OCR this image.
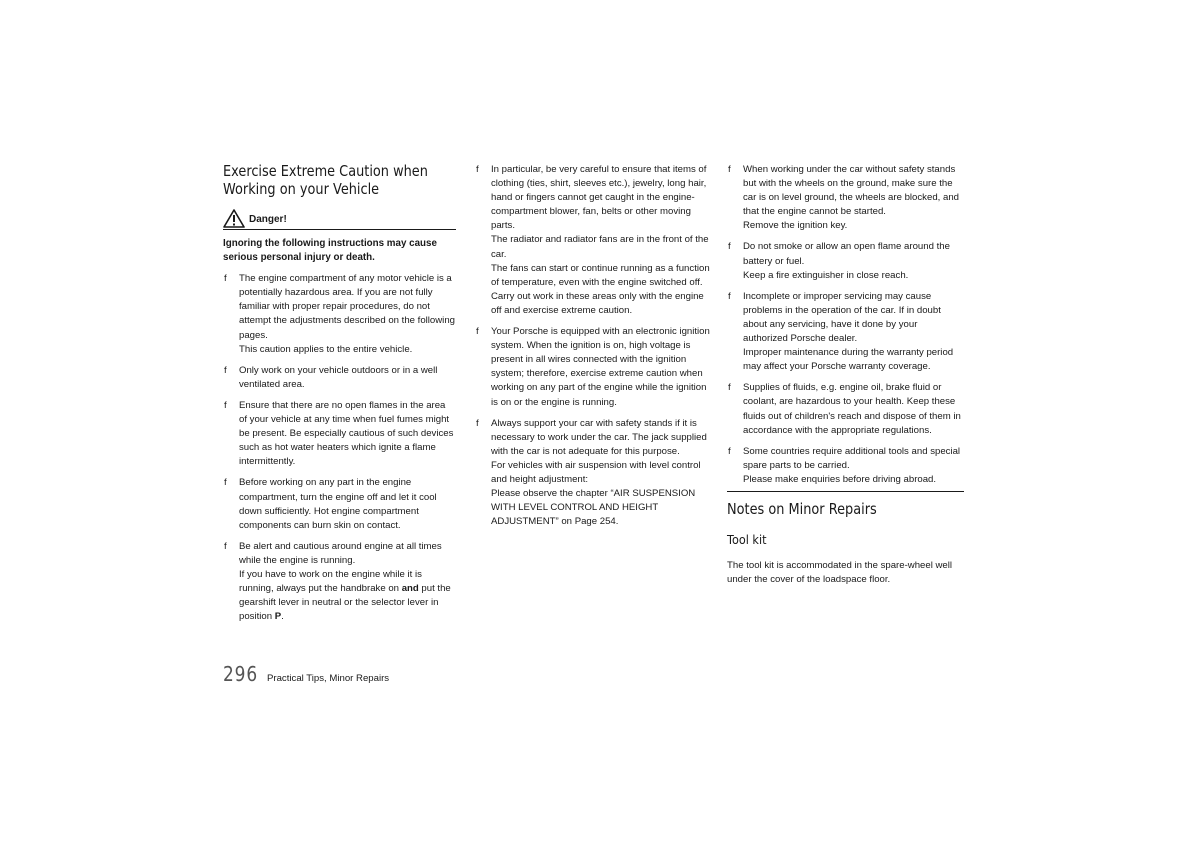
Exercise Extreme Caution when Working on your Vehicle
Danger!
Ignoring the following instructions may cause serious personal injury or death.
f The engine compartment of any motor vehicle is a potentially hazardous area. If you are not fully familiar with proper repair procedures, do not attempt the adjustments described on the following pages.

This caution applies to the entire vehicle.

f Only work on your vehicle outdoors or in a well ventilated area.

f Ensure that there are no open flames in the area of your vehicle at any time when fuel fumes might be present. Be especially cautious of such devices such as hot water heaters which ignite a flame intermittently.

f Before working on any part in the engine compartment, turn the engine off and let it cool down sufficiently. Hot engine compartment components can burn skin on contact.

f Be alert and cautious around engine at all times while the engine is running.

If you have to work on the engine while it is running, always put the handbrake on and put the gearshift lever in neutral or the selector lever in position P.

f In particular, be very careful to ensure that items of clothing (ties, shirt, sleeves etc.), jewelry, long hair, hand or fingers cannot get caught in the engine-compartment blower, fan, belts or other moving parts.

The radiator and radiator fans are in the front of the car.

The fans can start or continue running as a function of temperature, even with the engine switched off.

Carry out work in these areas only with the engine off and exercise extreme caution.

f Your Porsche is equipped with an electronic ignition system. When the ignition is on, high voltage is present in all wires connected with the ignition system; therefore, exercise extreme caution when working on any part of the engine while the ignition is on or the engine is running.

f Always support your car with safety stands if it is necessary to work under the car. The jack supplied with the car is not adequate for this purpose.

For vehicles with air suspension with level control and height adjustment:

Please observe the chapter “AIR SUSPENSION WITH LEVEL CONTROL AND HEIGHT ADJUSTMENT” on Page 254.

f When working under the car without safety stands but with the wheels on the ground, make sure the car is on level ground, the wheels are blocked, and that the engine cannot be started.

Remove the ignition key.

f Do not smoke or allow an open flame around the battery or fuel.

Keep a fire extinguisher in close reach.

f Incomplete or improper servicing may cause problems in the operation of the car. If in doubt about any servicing, have it done by your authorized Porsche dealer.

Improper maintenance during the warranty period may affect your Porsche warranty coverage.

f Supplies of fluids, e.g. engine oil, brake fluid or coolant, are hazardous to your health. Keep these fluids out of children's reach and dispose of them in accordance with the appropriate regulations.

f Some countries require additional tools and special spare parts to be carried.

Please make enquiries before driving abroad.

Notes on Minor Repairs
Tool kit

The tool kit is accommodated in the spare-wheel well under the cover of the loadspace floor.

296 Practical Tips, Minor Repairs
